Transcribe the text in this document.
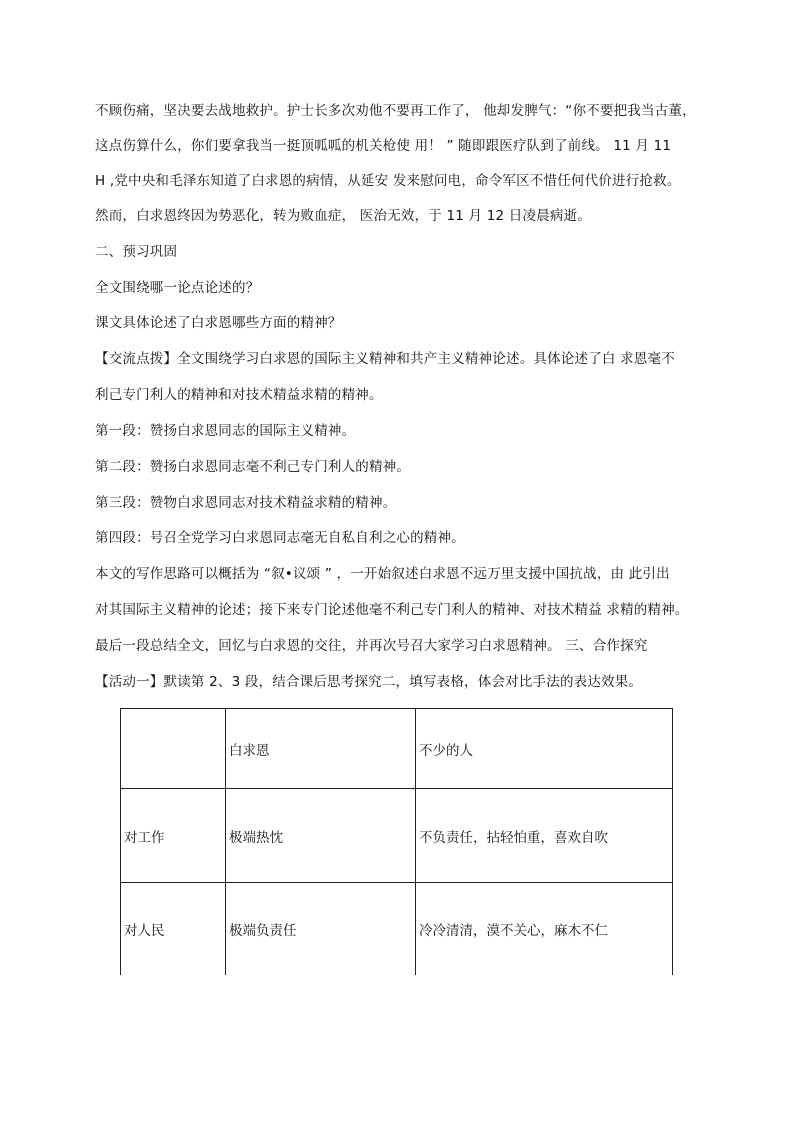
不顾伤痛，坚决要去战地救护。护士长多次劝他不要再工作了， 他却发脾气：“你不要把我当古董，
这点伤算什么，你们要拿我当一挺顶呱呱的机关枪使 用！ ” 随即跟医疗队到了前线。 11 月 11
H ,党中央和毛泽东知道了白求恩的病情，从延安 发来慰问电，命令军区不惜任何代价进行抢救。
然而，白求恩终因为势恶化，转为败血症， 医治无效，于 11 月 12 日凌晨病逝。
二、预习巩固
全文围绕哪一论点论述的？
课文具体论述了白求恩哪些方面的精神？
【交流点拨】全文围绕学习白求恩的国际主义精神和共产主义精神论述。具体论述了白 求恩毫不
利己专门利人的精神和对技术精益求精的精神。
第一段：赞扬白求恩同志的国际主义精神。
第二段：赞扬白求恩同志毫不利己专门利人的精神。
第三段：赞物白求恩同志对技术精益求精的精神。
第四段：号召全党学习白求恩同志毫无自私自利之心的精神。
本文的写作思路可以概括为 “叙•议颂 ” ，一开始叙述白求恩不远万里支援中国抗战，由 此引出
对其国际主义精神的论述；接下来专门论述他毫不利己专门利人的精神、对技术精益 求精的精神。
最后一段总结全文，回忆与白求恩的交往，并再次号召大家学习白求恩精神。 三、合作探究
【活动一】默读第 2、3 段，结合课后思考探究二，填写表格，体会对比手法的表达效果。
	白求恩	不少的人
对工作	极端热忱	不负责任，拈轻怕重，喜欢自吹
对人民	极端负责任	冷冷清清，漠不关心，麻木不仁
